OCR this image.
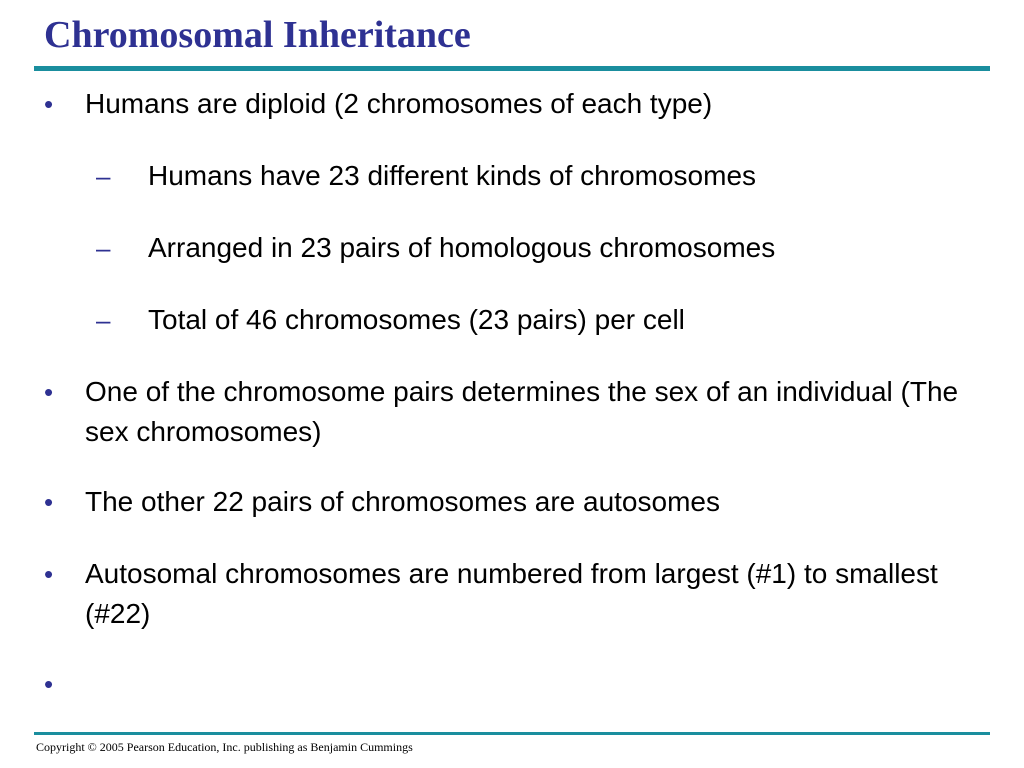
Chromosomal Inheritance
• Humans are diploid (2 chromosomes of each type)
– Humans have 23 different kinds of chromosomes
– Arranged in 23 pairs of homologous chromosomes
– Total of 46 chromosomes (23 pairs) per cell
• One of the chromosome pairs determines the sex of an individual (The sex chromosomes)
• The other 22 pairs of chromosomes are autosomes
• Autosomal chromosomes are numbered from largest (#1) to smallest (#22)
•
Copyright © 2005 Pearson Education, Inc. publishing as Benjamin Cummings
